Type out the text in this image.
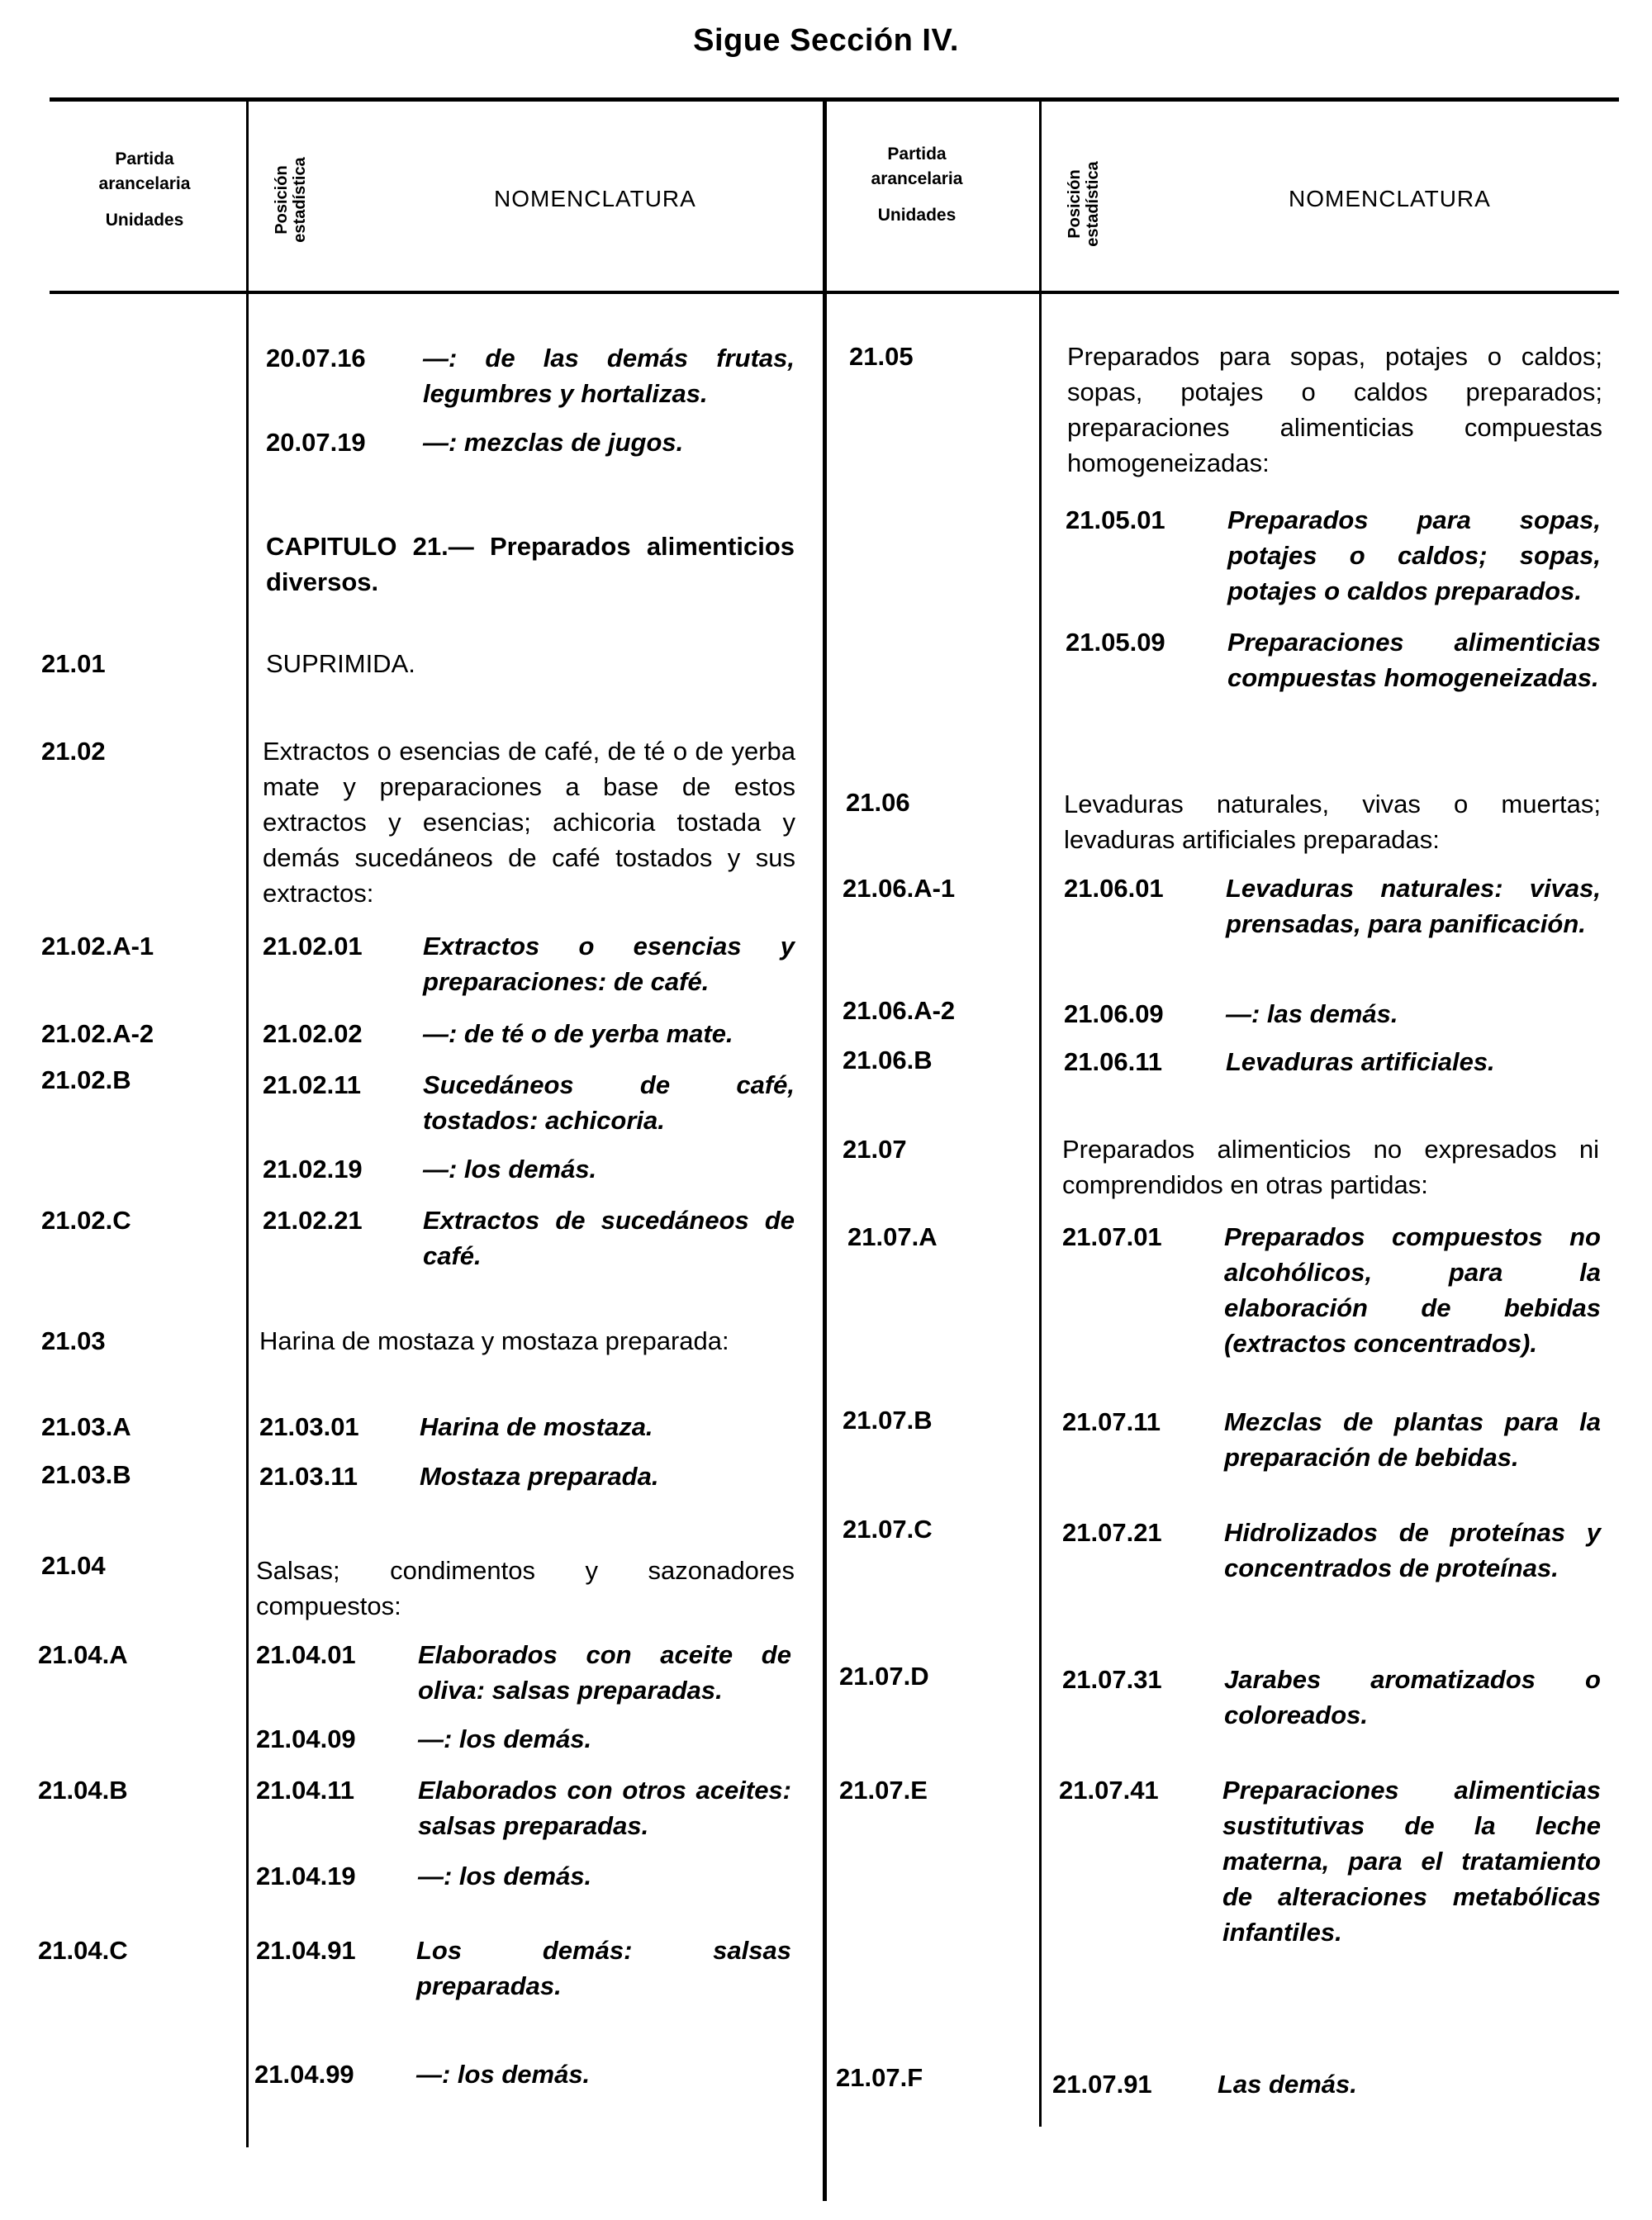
Sigue Sección IV.
Partida
arancelaria
Unidades	Posición estadística	NOMENCLATURA
Partida
arancelaria
Unidades	Posición estadística	NOMENCLATURA
20.07.16 —: de las demás frutas, legumbres y hortalizas.
20.07.19 —: mezclas de jugos.
CAPITULO 21.— Preparados alimenticios diversos.
21.01	SUPRIMIDA.
21.02	Extractos o esencias de café, de té o de yerba mate y preparaciones a base de estos extractos y esencias; achicoria tostada y demás sucedáneos de café tostados y sus extractos:
21.02.A-1	21.02.01 Extractos o esencias y preparaciones: de café.
21.02.A-2	21.02.02 —: de té o de yerba mate.
21.02.B	21.02.11 Sucedáneos de café, tostados: achicoria.
21.02.19 —: los demás.
21.02.C	21.02.21 Extractos de sucedáneos de café.
21.03	Harina de mostaza y mostaza preparada:
21.03.A	21.03.01 Harina de mostaza.
21.03.B	21.03.11 Mostaza preparada.
21.04	Salsas; condimentos y sazonadores compuestos:
21.04.A	21.04.01 Elaborados con aceite de oliva: salsas preparadas.
21.04.09 —: los demás.
21.04.B	21.04.11 Elaborados con otros aceites: salsas preparadas.
21.04.19 —: los demás.
21.04.C	21.04.91 Los demás: salsas preparadas.
21.04.99 —: los demás.
21.05	Preparados para sopas, potajes o caldos; sopas, potajes o caldos preparados; preparaciones alimenticias compuestas homogeneizadas:
21.05.01 Preparados para sopas, potajes o caldos; sopas, potajes o caldos preparados.
21.05.09 Preparaciones alimenticias compuestas homogeneizadas.
21.06	Levaduras naturales, vivas o muertas; levaduras artificiales preparadas:
21.06.A-1	21.06.01 Levaduras naturales: vivas, prensadas, para panificación.
21.06.A-2	21.06.09 —: las demás.
21.06.B	21.06.11 Levaduras artificiales.
21.07	Preparados alimenticios no expresados ni comprendidos en otras partidas:
21.07.A	21.07.01 Preparados compuestos no alcohólicos, para la elaboración de bebidas (extractos concentrados).
21.07.B	21.07.11 Mezclas de plantas para la preparación de bebidas.
21.07.C	21.07.21 Hidrolizados de proteínas y concentrados de proteínas.
21.07.D	21.07.31 Jarabes aromatizados o coloreados.
21.07.E	21.07.41 Preparaciones alimenticias sustitutivas de la leche materna, para el tratamiento de alteraciones metabólicas infantiles.
21.07.F	21.07.91	Las demás.
